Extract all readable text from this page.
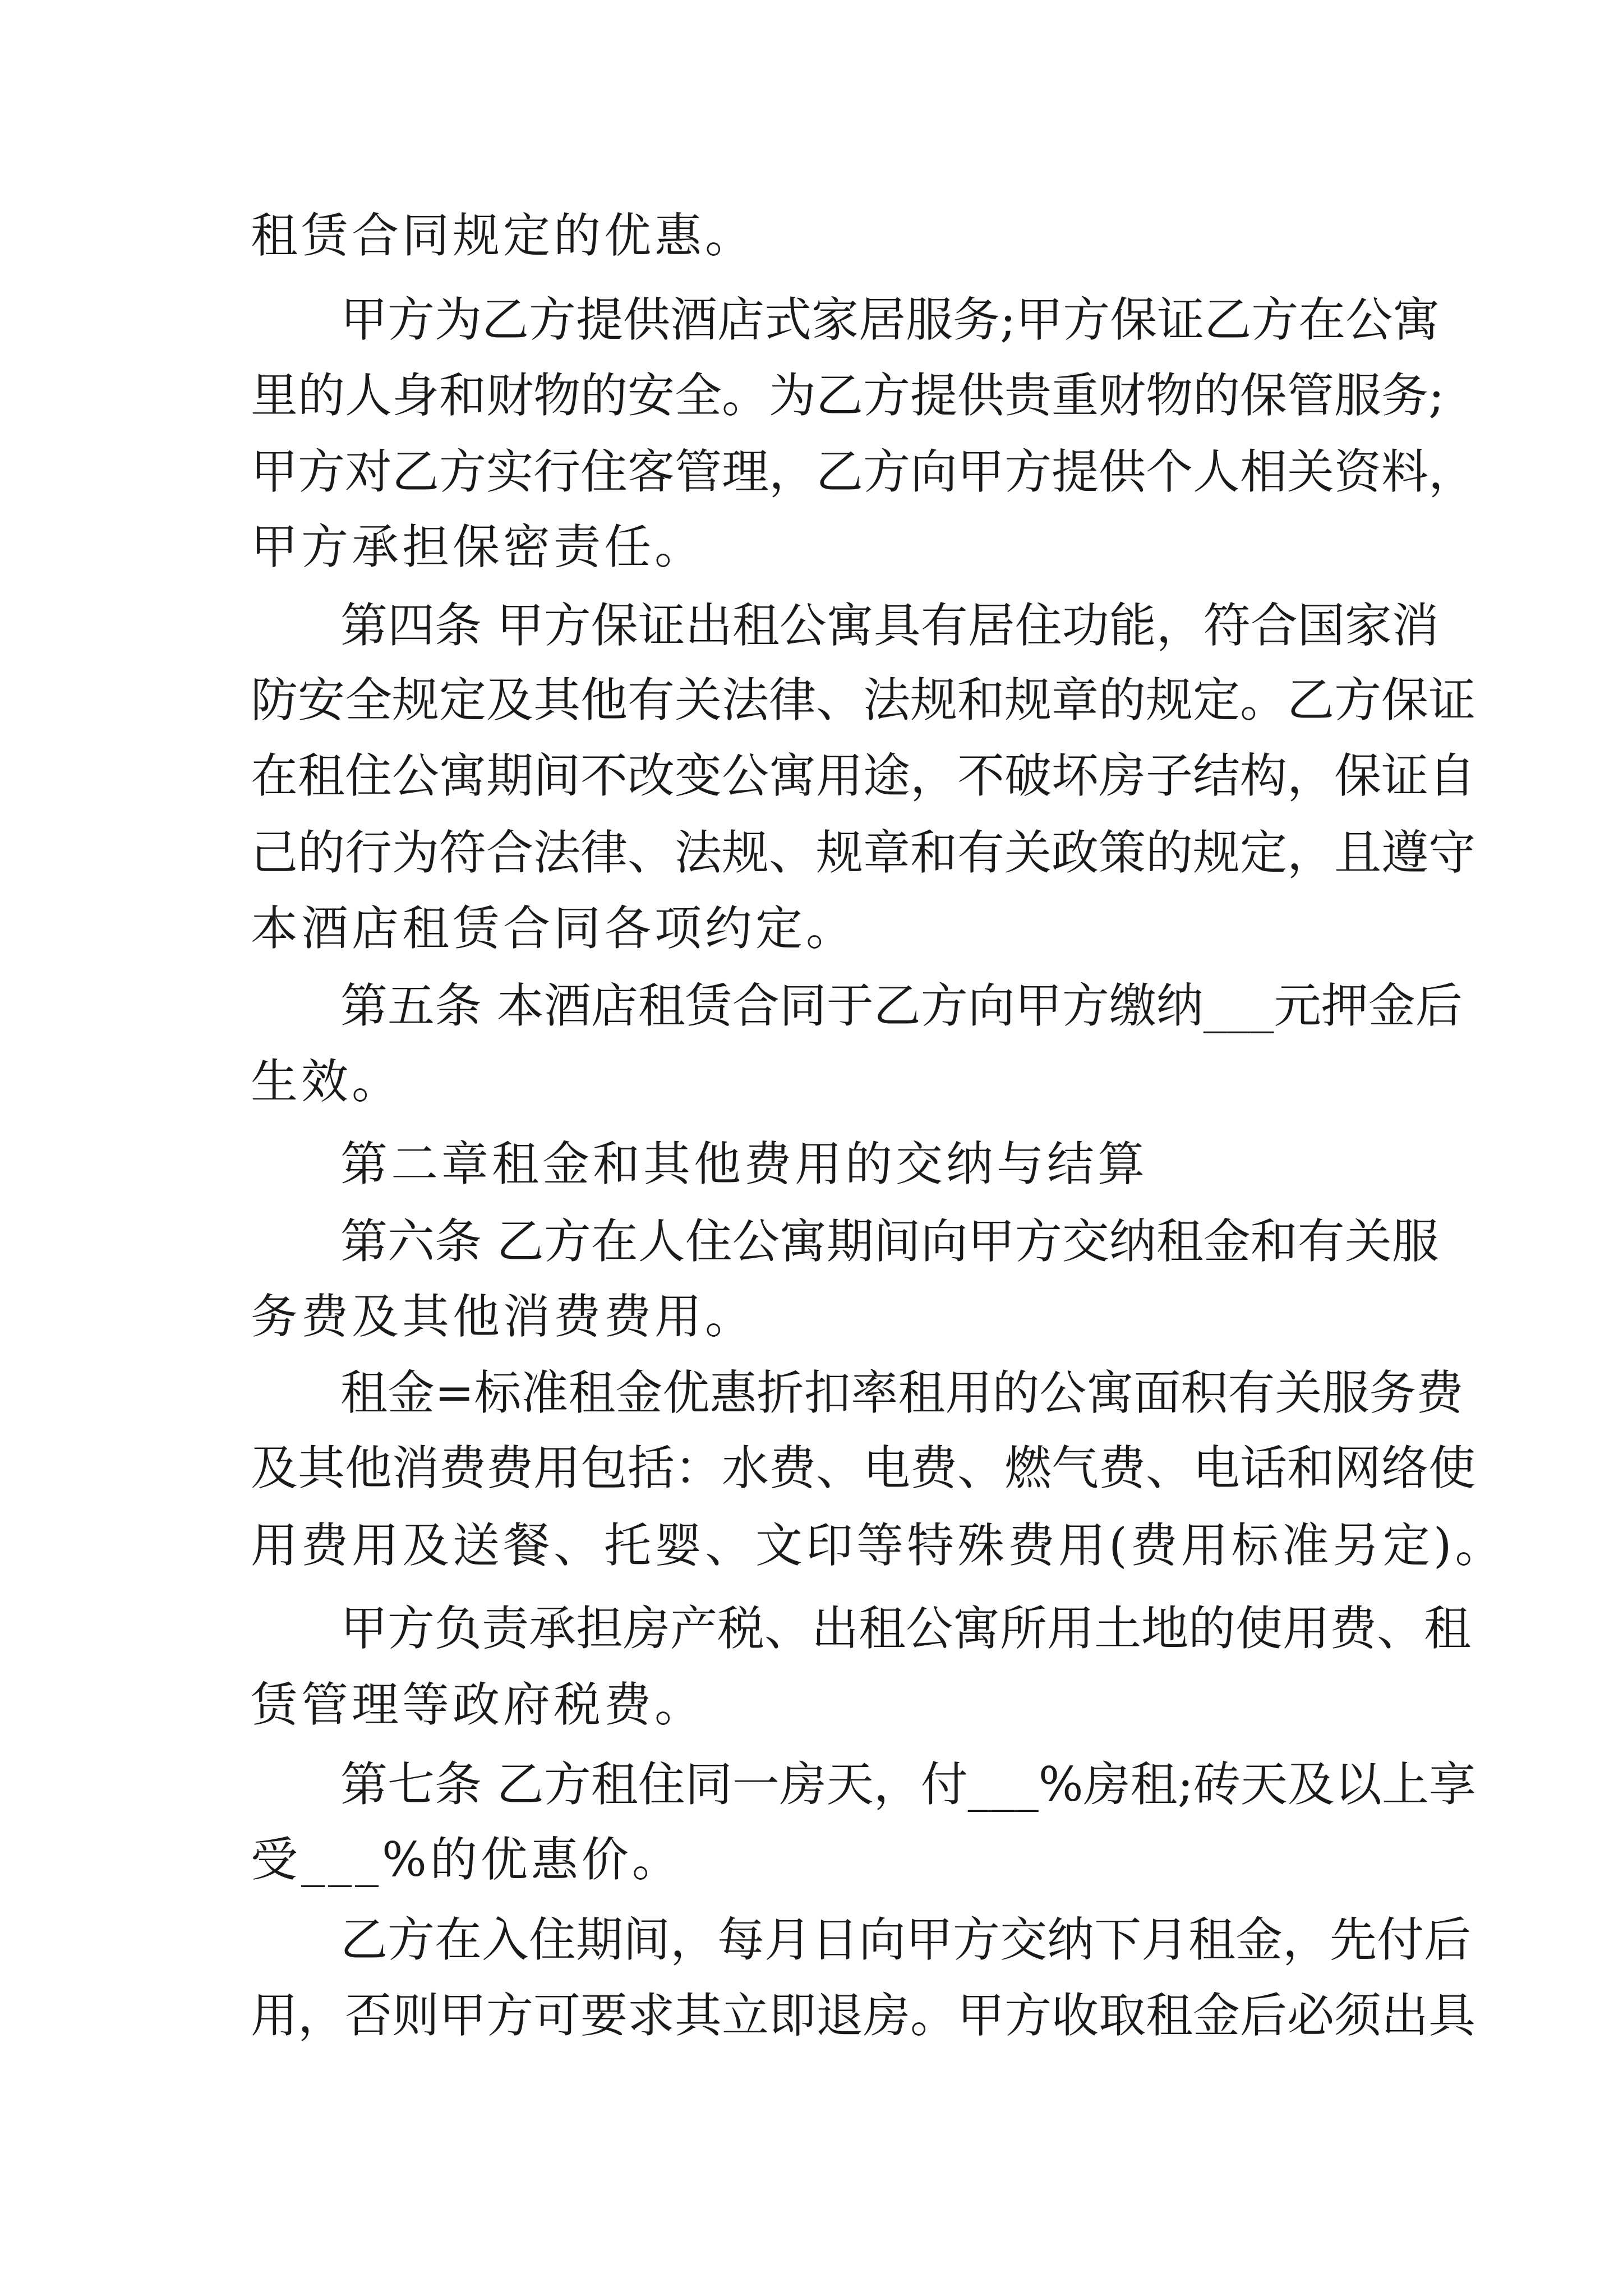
租赁合同规定的优惠。
甲方为乙方提供酒店式家居服务;甲方保证乙方在公寓
里的人身和财物的安全。为乙方提供贵重财物的保管服务;
甲方对乙方实行住客管理，乙方向甲方提供个人相关资料，
甲方承担保密责任。
第四条 甲方保证出租公寓具有居住功能，符合国家消
防安全规定及其他有关法律、法规和规章的规定。乙方保证
在租住公寓期间不改变公寓用途，不破坏房子结构，保证自
己的行为符合法律、法规、规章和有关政策的规定，且遵守
本酒店租赁合同各项约定。
第五条 本酒店租赁合同于乙方向甲方缴纳___元押金后
生效。
第二章租金和其他费用的交纳与结算
第六条 乙方在人住公寓期间向甲方交纳租金和有关服
务费及其他消费费用。
租金=标准租金优惠折扣率租用的公寓面积有关服务费
及其他消费费用包括：水费、电费、燃气费、电话和网络使
用费用及送餐、托婴、文印等特殊费用(费用标准另定)。
甲方负责承担房产税、出租公寓所用土地的使用费、租
赁管理等政府税费。
第七条 乙方租住同一房天，付___%房租;砖天及以上享
受___%的优惠价。
乙方在入住期间，每月日向甲方交纳下月租金，先付后
用，否则甲方可要求其立即退房。甲方收取租金后必须出具
